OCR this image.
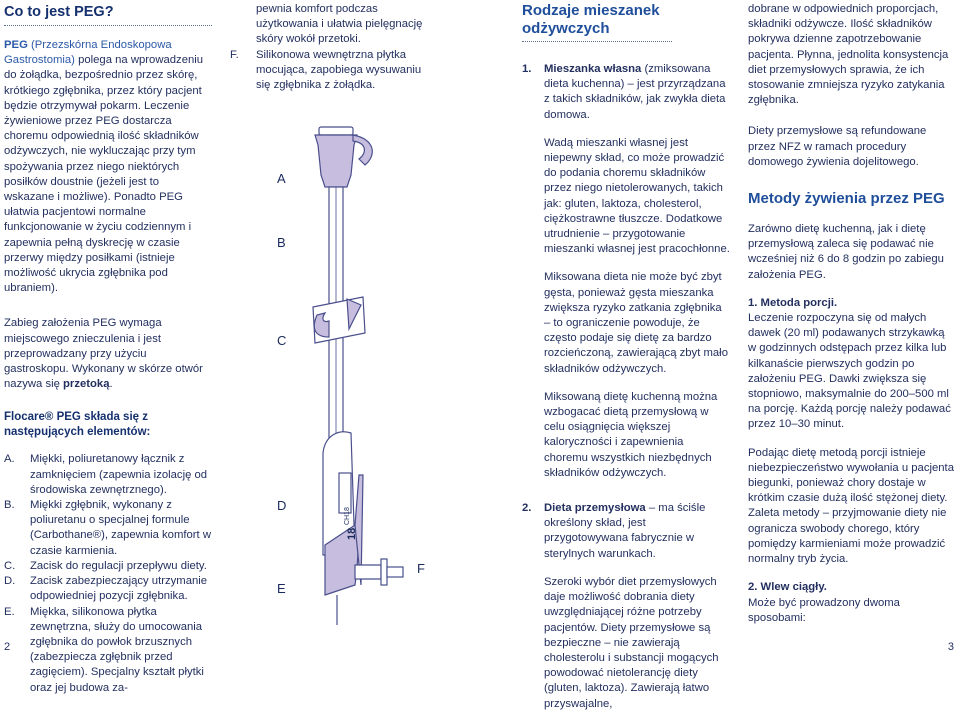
Co to jest PEG?

PEG (Przezskórna Endoskopowa Gastrostomia) polega na wprowadzeniu do żołądka, bezpośrednio przez skórę, krótkiego zgłębnika, przez który pacjent będzie otrzymywał pokarm. Leczenie żywieniowe przez PEG dostarcza choremu odpowiednią ilość składników odżywczych, nie wykluczając przy tym spożywania przez niego niektórych posiłków doustnie (jeżeli jest to wskazane i możliwe). Ponadto PEG ułatwia pacjentowi normalne funkcjonowanie w życiu codziennym i zapewnia pełną dyskrecję w czasie przerwy między posiłkami (istnieje możliwość ukrycia zgłębnika pod ubraniem).

Zabieg założenia PEG wymaga miejscowego znieczulenia i jest przeprowadzany przy użyciu gastroskopu. Wykonany w skórze otwór nazywa się przetoką.

Flocare® PEG składa się z następujących elementów:

A. Miękki, poliuretanowy łącznik z zamknięciem (zapewnia izolację od środowiska zewnętrznego).
B. Miękki zgłębnik, wykonany z poliuretanu o specjalnej formule (Carbothane®), zapewnia komfort w czasie karmienia.
C. Zacisk do regulacji przepływu diety.
D. Zacisk zabezpieczający utrzymanie odpowiedniej pozycji zgłębnika.
E. Miękka, silikonowa płytka zewnętrzna, służy do umocowania zgłębnika do powłok brzusznych (zabezpiecza zgłębnik przed zagięciem). Specjalny kształt płytki oraz jej budowa za-
2

pewnia komfort podczas użytkowania i ułatwia pielęgnację skóry wokół przetoki.

F. Silikonowa wewnętrzna płytka mocująca, zapobiega wysuwaniu się zgłębnika z żołądka.
A
B
C
D
E
F
CH18
18
Rodzaje mieszanek odżywczych

1. Mieszanka własna (zmiksowana dieta kuchenna) – jest przyrządzana z takich składników, jak zwykła dieta domowa.

Wadą mieszanki własnej jest niepewny skład, co może prowadzić do podania choremu składników przez niego nietolerowanych, takich jak: gluten, laktoza, cholesterol, ciężkostrawne tłuszcze. Dodatkowe utrudnienie – przygotowanie mieszanki własnej jest pracochłonne.

Miksowana dieta nie może być zbyt gęsta, ponieważ gęsta mieszanka zwiększa ryzyko zatkania zgłębnika – to ograniczenie powoduje, że często podaje się dietę za bardzo rozcieńczoną, zawierającą zbyt mało składników odżywczych.

Miksowaną dietę kuchenną można wzbogacać dietą przemysłową w celu osiągnięcia większej kaloryczności i zapewnienia choremu wszystkich niezbędnych składników odżywczych.

2. Dieta przemysłowa – ma ściśle określony skład, jest przygotowywana fabrycznie w sterylnych warunkach.

Szeroki wybór diet przemysłowych daje możliwość dobrania diety uwzględniającej różne potrzeby pacjentów. Diety przemysłowe są bezpieczne – nie zawierają cholesterolu i substancji mogących powodować nietolerancję diety (gluten, laktoza). Zawierają łatwo przyswajalne,

dobrane w odpowiednich proporcjach, składniki odżywcze. Ilość składników pokrywa dzienne zapotrzebowanie pacjenta. Płynna, jednolita konsystencja diet przemysłowych sprawia, że ich stosowanie zmniejsza ryzyko zatykania zgłębnika.

Diety przemysłowe są refundowane przez NFZ w ramach procedury domowego żywienia dojelitowego.

Metody żywienia przez PEG

Zarówno dietę kuchenną, jak i dietę przemysłową zaleca się podawać nie wcześniej niż 6 do 8 godzin po zabiegu założenia PEG.

1. Metoda porcji.

Leczenie rozpoczyna się od małych dawek (20 ml) podawanych strzykawką w godzinnych odstępach przez kilka lub kilkanaście pierwszych godzin po założeniu PEG. Dawki zwiększa się stopniowo, maksymalnie do 200–500 ml na porcję. Każdą porcję należy podawać przez 10–30 minut.

Podając dietę metodą porcji istnieje niebezpieczeństwo wywołania u pacjenta biegunki, ponieważ chory dostaje w krótkim czasie dużą ilość stężonej diety. Zaleta metody – przyjmowanie diety nie ogranicza swobody chorego, który pomiędzy karmieniami może prowadzić normalny tryb życia.

2. Wlew ciągły.

Może być prowadzony dwoma sposobami:

3
